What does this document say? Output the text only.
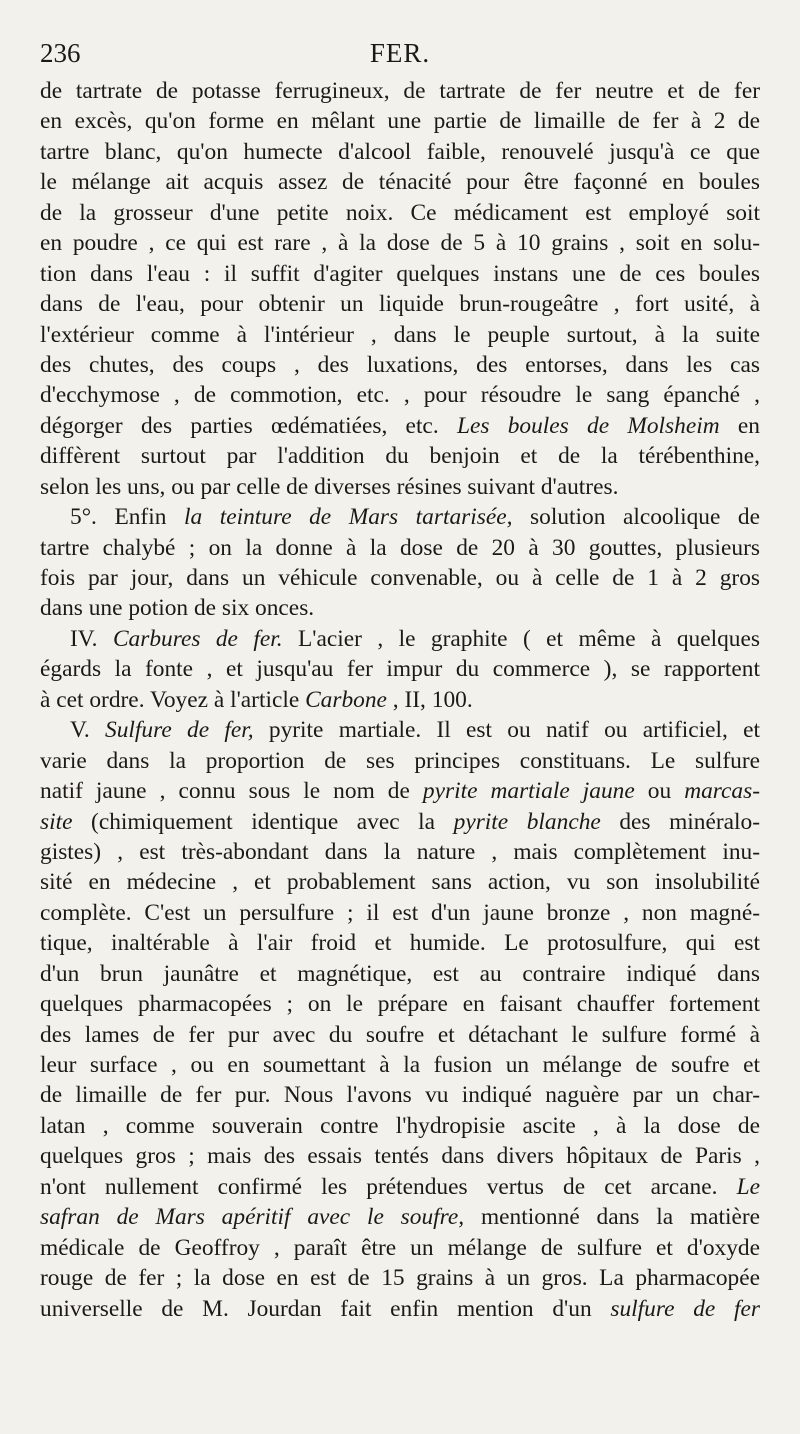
236	FER.
de tartrate de potasse ferrugineux, de tartrate de fer neutre et de fer
en excès, qu'on forme en mêlant une partie de limaille de fer à 2 de
tartre blanc, qu'on humecte d'alcool faible, renouvelé jusqu'à ce que
le mélange ait acquis assez de ténacité pour être façonné en boules
de la grosseur d'une petite noix. Ce médicament est employé soit
en poudre , ce qui est rare , à la dose de 5 à 10 grains , soit en solu-
tion dans l'eau : il suffit d'agiter quelques instans une de ces boules
dans de l'eau, pour obtenir un liquide brun-rougeâtre , fort usité, à
l'extérieur comme à l'intérieur , dans le peuple surtout, à la suite
des chutes, des coups , des luxations, des entorses, dans les cas
d'ecchymose , de commotion, etc. , pour résoudre le sang épanché ,
dégorger des parties œdématiées, etc. Les boules de Molsheim en
diffèrent surtout par l'addition du benjoin et de la térébenthine,
selon les uns, ou par celle de diverses résines suivant d'autres.
5°. Enfin la teinture de Mars tartarisée, solution alcoolique de
tartre chalybé ; on la donne à la dose de 20 à 30 gouttes, plusieurs
fois par jour, dans un véhicule convenable, ou à celle de 1 à 2 gros
dans une potion de six onces.
IV. Carbures de fer. L'acier , le graphite ( et même à quelques
égards la fonte , et jusqu'au fer impur du commerce ), se rapportent
à cet ordre. Voyez à l'article Carbone , II, 100.
V. Sulfure de fer, pyrite martiale. Il est ou natif ou artificiel, et
varie dans la proportion de ses principes constituans. Le sulfure
natif jaune , connu sous le nom de pyrite martiale jaune ou marcas-
site (chimiquement identique avec la pyrite blanche des minéralo-
gistes) , est très-abondant dans la nature , mais complètement inu-
sité en médecine , et probablement sans action, vu son insolubilité
complète. C'est un persulfure ; il est d'un jaune bronze , non magné-
tique, inaltérable à l'air froid et humide. Le protosulfure, qui est
d'un brun jaunâtre et magnétique, est au contraire indiqué dans
quelques pharmacopées ; on le prépare en faisant chauffer fortement
des lames de fer pur avec du soufre et détachant le sulfure formé à
leur surface , ou en soumettant à la fusion un mélange de soufre et
de limaille de fer pur. Nous l'avons vu indiqué naguère par un char-
latan , comme souverain contre l'hydropisie ascite , à la dose de
quelques gros ; mais des essais tentés dans divers hôpitaux de Paris ,
n'ont nullement confirmé les prétendues vertus de cet arcane. Le
safran de Mars apéritif avec le soufre, mentionné dans la matière
médicale de Geoffroy , paraît être un mélange de sulfure et d'oxyde
rouge de fer ; la dose en est de 15 grains à un gros. La pharmacopée
universelle de M. Jourdan fait enfin mention d'un sulfure de fer
